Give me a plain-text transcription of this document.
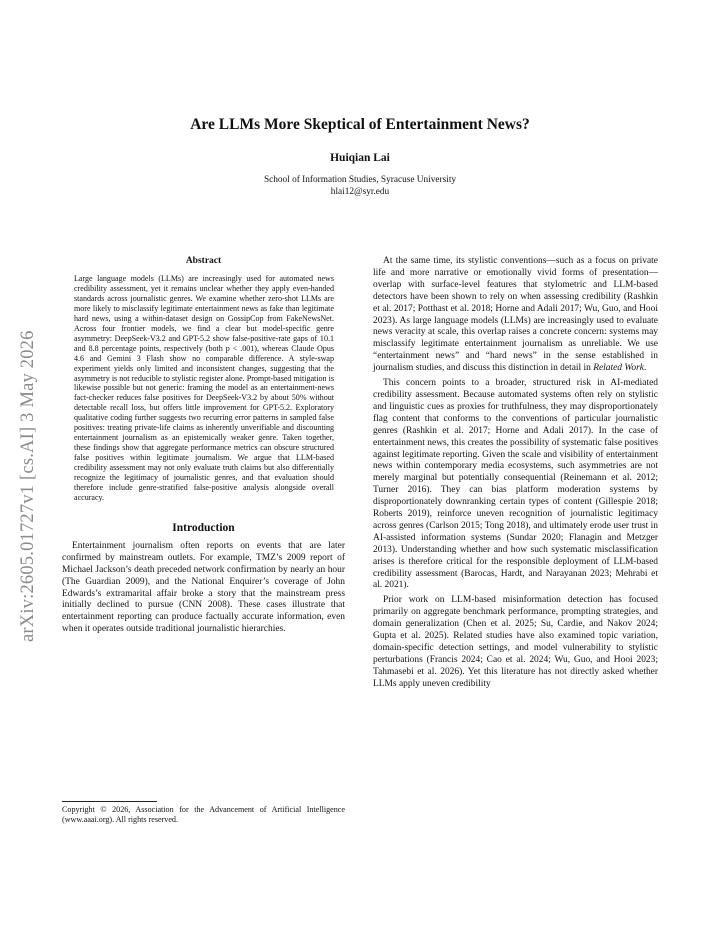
arXiv:2605.01727v1 [cs.AI] 3 May 2026
Are LLMs More Skeptical of Entertainment News?
Huiqian Lai
School of Information Studies, Syracuse University
hlai12@syr.edu
Abstract
Large language models (LLMs) are increasingly used for automated news credibility assessment, yet it remains unclear whether they apply even-handed standards across journalistic genres. We examine whether zero-shot LLMs are more likely to misclassify legitimate entertainment news as fake than legitimate hard news, using a within-dataset design on GossipCop from FakeNewsNet. Across four frontier models, we find a clear but model-specific genre asymmetry: DeepSeek-V3.2 and GPT-5.2 show false-positive-rate gaps of 10.1 and 8.8 percentage points, respectively (both p < .001), whereas Claude Opus 4.6 and Gemini 3 Flash show no comparable difference. A style-swap experiment yields only limited and inconsistent changes, suggesting that the asymmetry is not reducible to stylistic register alone. Prompt-based mitigation is likewise possible but not generic: framing the model as an entertainment-news fact-checker reduces false positives for DeepSeek-V3.2 by about 50% without detectable recall loss, but offers little improvement for GPT-5.2. Exploratory qualitative coding further suggests two recurring error patterns in sampled false positives: treating private-life claims as inherently unverifiable and discounting entertainment journalism as an epistemically weaker genre. Taken together, these findings show that aggregate performance metrics can obscure structured false positives within legitimate journalism. We argue that LLM-based credibility assessment may not only evaluate truth claims but also differentially recognize the legitimacy of journalistic genres, and that evaluation should therefore include genre-stratified false-positive analysis alongside overall accuracy.
Introduction

Entertainment journalism often reports on events that are later confirmed by mainstream outlets. For example, TMZ’s 2009 report of Michael Jackson’s death preceded network confirmation by nearly an hour (The Guardian 2009), and the National Enquirer’s coverage of John Edwards’s extramarital affair broke a story that the mainstream press initially declined to pursue (CNN 2008). These cases illustrate that entertainment reporting can produce factually accurate information, even when it operates outside traditional journalistic hierarchies.

Copyright © 2026, Association for the Advancement of Artificial Intelligence (www.aaai.org). All rights reserved.

At the same time, its stylistic conventions—such as a focus on private life and more narrative or emotionally vivid forms of presentation—overlap with surface-level features that stylometric and LLM-based detectors have been shown to rely on when assessing credibility (Rashkin et al. 2017; Potthast et al. 2018; Horne and Adali 2017; Wu, Guo, and Hooi 2023). As large language models (LLMs) are increasingly used to evaluate news veracity at scale, this overlap raises a concrete concern: systems may misclassify legitimate entertainment journalism as unreliable. We use “entertainment news” and “hard news” in the sense established in journalism studies, and discuss this distinction in detail in Related Work.

This concern points to a broader, structured risk in AI-mediated credibility assessment. Because automated systems often rely on stylistic and linguistic cues as proxies for truthfulness, they may disproportionately flag content that conforms to the conventions of particular journalistic genres (Rashkin et al. 2017; Horne and Adali 2017). In the case of entertainment news, this creates the possibility of systematic false positives against legitimate reporting. Given the scale and visibility of entertainment news within contemporary media ecosystems, such asymmetries are not merely marginal but potentially consequential (Reinemann et al. 2012; Turner 2016). They can bias platform moderation systems by disproportionately downranking certain types of content (Gillespie 2018; Roberts 2019), reinforce uneven recognition of journalistic legitimacy across genres (Carlson 2015; Tong 2018), and ultimately erode user trust in AI-assisted information systems (Sundar 2020; Flanagin and Metzger 2013). Understanding whether and how such systematic misclassification arises is therefore critical for the responsible deployment of LLM-based credibility assessment (Barocas, Hardt, and Narayanan 2023; Mehrabi et al. 2021).

Prior work on LLM-based misinformation detection has focused primarily on aggregate benchmark performance, prompting strategies, and domain generalization (Chen et al. 2025; Su, Cardie, and Nakov 2024; Gupta et al. 2025). Related studies have also examined topic variation, domain-specific detection settings, and model vulnerability to stylistic perturbations (Francis 2024; Cao et al. 2024; Wu, Guo, and Hooi 2023; Tahmasebi et al. 2026). Yet this literature has not directly asked whether LLMs apply uneven credibility
